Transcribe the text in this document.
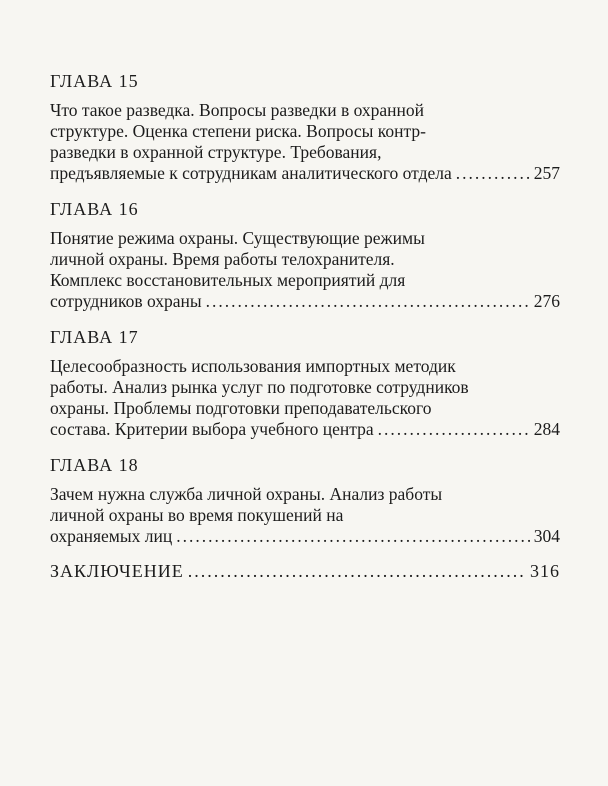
ГЛАВА 15
Что такое разведка. Вопросы разведки в охранной
структуре. Оценка степени риска. Вопросы контр-
разведки в охранной структуре. Требования,
предъявляемые к сотрудникам аналитического отдела .....	257
ГЛАВА 16
Понятие режима охраны. Существующие режимы
личной охраны. Время работы телохранителя.
Комплекс восстановительных мероприятий для
сотрудников охраны .....	276
ГЛАВА 17
Целесообразность использования импортных методик
работы. Анализ рынка услуг по подготовке сотрудников
охраны. Проблемы подготовки преподавательского
состава. Критерии выбора учебного центра .....	284
ГЛАВА 18
Зачем нужна служба личной охраны. Анализ работы
личной охраны во время покушений на
охраняемых лиц .....	304
ЗАКЛЮЧЕНИЕ .....	316
